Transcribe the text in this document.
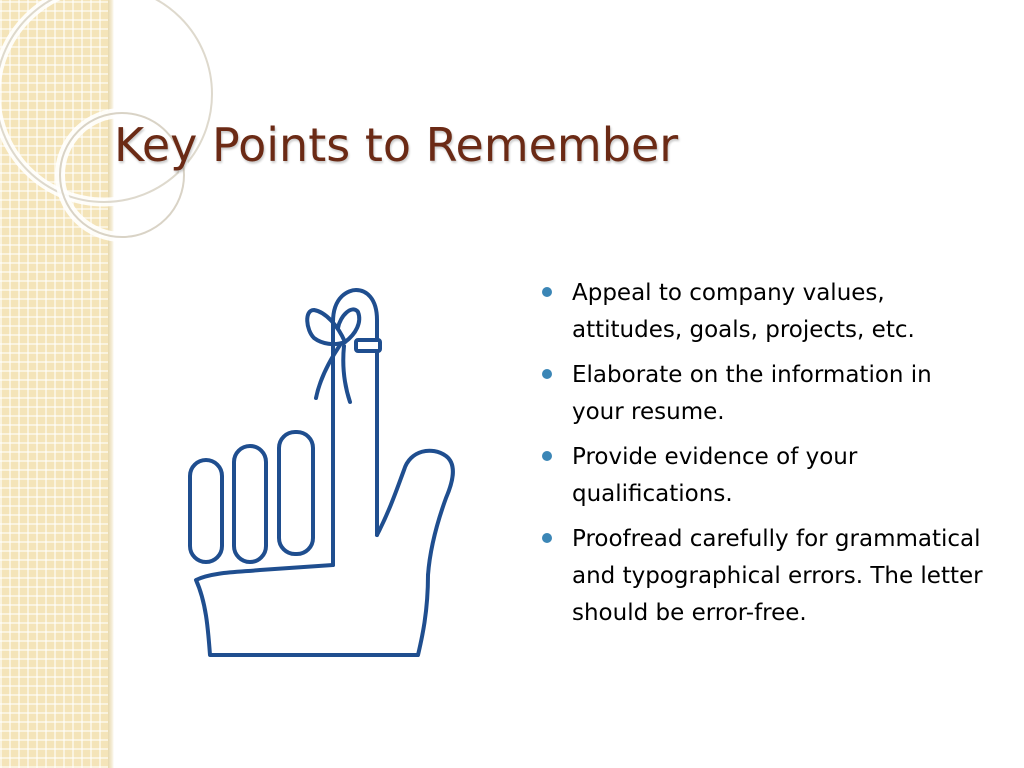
Key Points to Remember
Appeal to company values, attitudes, goals, projects, etc.
Elaborate on the information in your resume.
Provide evidence of your qualifications.
Proofread carefully for grammatical and typographical errors. The letter should be error-free.
